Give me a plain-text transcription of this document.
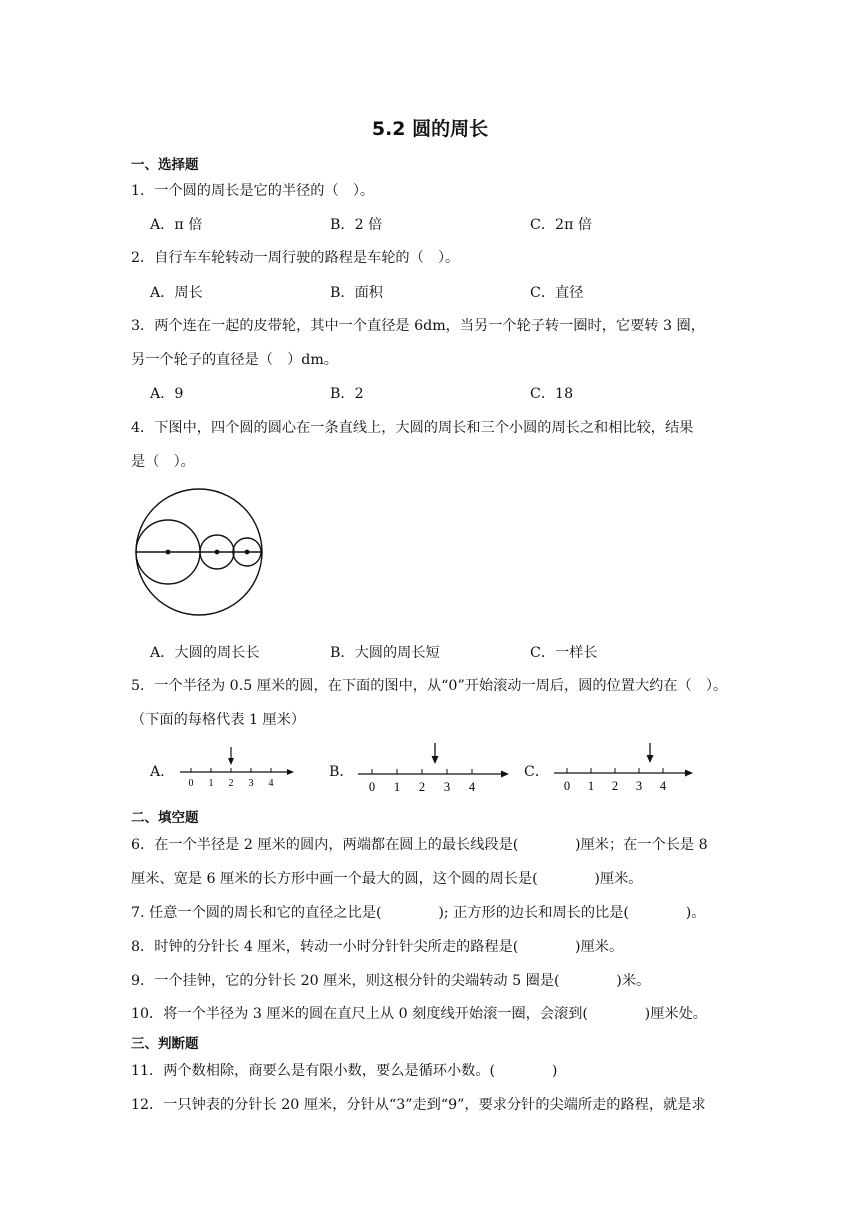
5.2 圆的周长
一、选择题
1．一个圆的周长是它的半径的（　）。
A．π 倍	B．2 倍	C．2π 倍
2．自行车车轮转动一周行驶的路程是车轮的（　）。
A．周长	B．面积	C．直径
3．两个连在一起的皮带轮，其中一个直径是 6dm，当另一个轮子转一圈时，它要转 3 圈，
另一个轮子的直径是（　）dm。
A．9	B．2	C．18
4．下图中，四个圆的圆心在一条直线上，大圆的周长和三个小圆的周长之和相比较，结果
是（　）。
A．大圆的周长长	B．大圆的周长短	C．一样长
5．一个半径为 0.5 厘米的圆，在下面的图中，从“0”开始滚动一周后，圆的位置大约在（　）。
（下面的每格代表 1 厘米）
A．
0 1 2 3 4
B．
0 1 2 3 4
C．
0 1 2 3 4
二、填空题
6．在一个半径是 2 厘米的圆内，两端都在圆上的最长线段是(　　　　)厘米；在一个长是 8
厘米、宽是 6 厘米的长方形中画一个最大的圆，这个圆的周长是(　　　　)厘米。
7. 任意一个圆的周长和它的直径之比是(　　　　); 正方形的边长和周长的比是(　　　　)。
8．时钟的分针长 4 厘米，转动一小时分针针尖所走的路程是(　　　　)厘米。
9．一个挂钟，它的分针长 20 厘米，则这根分针的尖端转动 5 圈是(　　　　)米。
10．将一个半径为 3 厘米的圆在直尺上从 0 刻度线开始滚一圈，会滚到(　　　　)厘米处。
三、判断题
11．两个数相除，商要么是有限小数，要么是循环小数。(　　　　)
12．一只钟表的分针长 20 厘米，分针从“3”走到“9”，要求分针的尖端所走的路程，就是求
